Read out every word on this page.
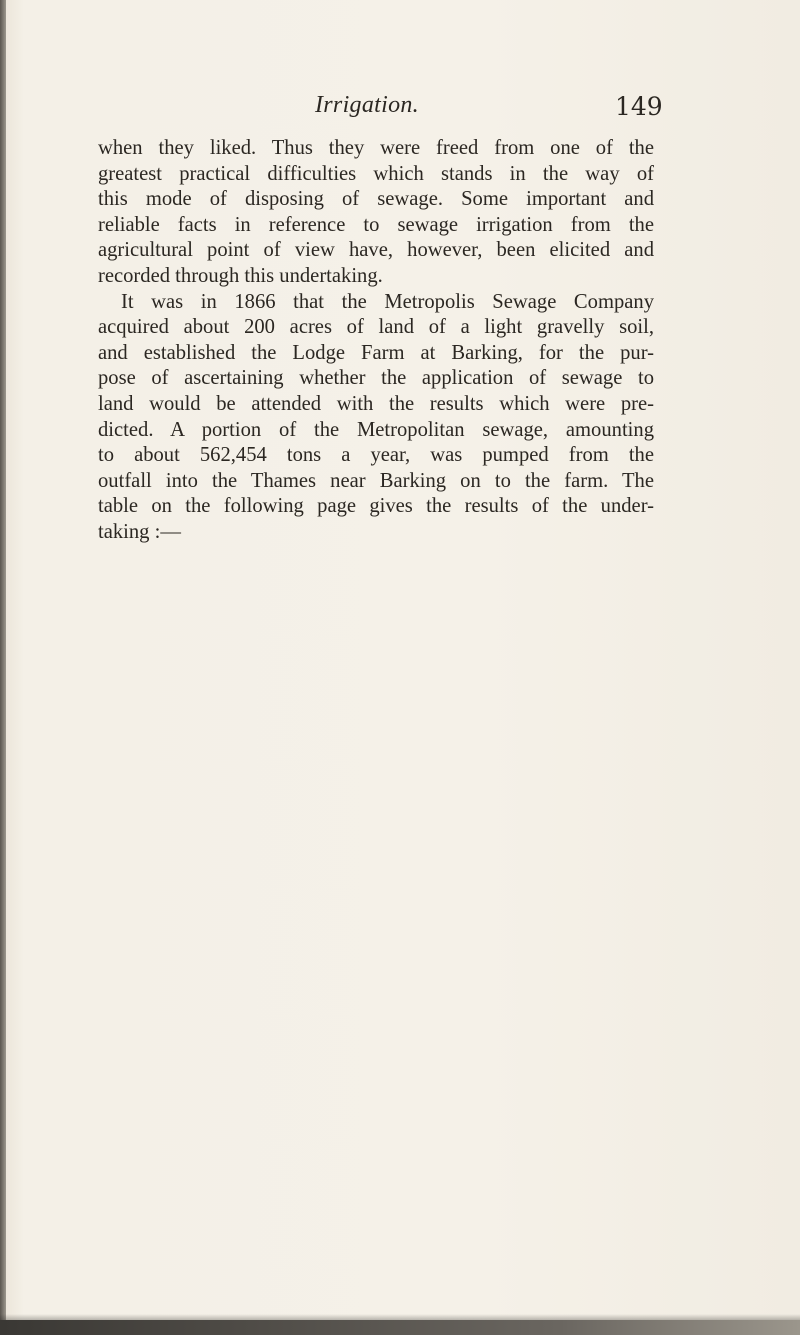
Irrigation.	149
when they liked. Thus they were freed from one of the
greatest practical difficulties which stands in the way of
this mode of disposing of sewage. Some important and
reliable facts in reference to sewage irrigation from the
agricultural point of view have, however, been elicited and
recorded through this undertaking.
It was in 1866 that the Metropolis Sewage Company
acquired about 200 acres of land of a light gravelly soil,
and established the Lodge Farm at Barking, for the pur-
pose of ascertaining whether the application of sewage to
land would be attended with the results which were pre-
dicted. A portion of the Metropolitan sewage, amounting
to about 562,454 tons a year, was pumped from the
outfall into the Thames near Barking on to the farm. The
table on the following page gives the results of the under-
taking :—
